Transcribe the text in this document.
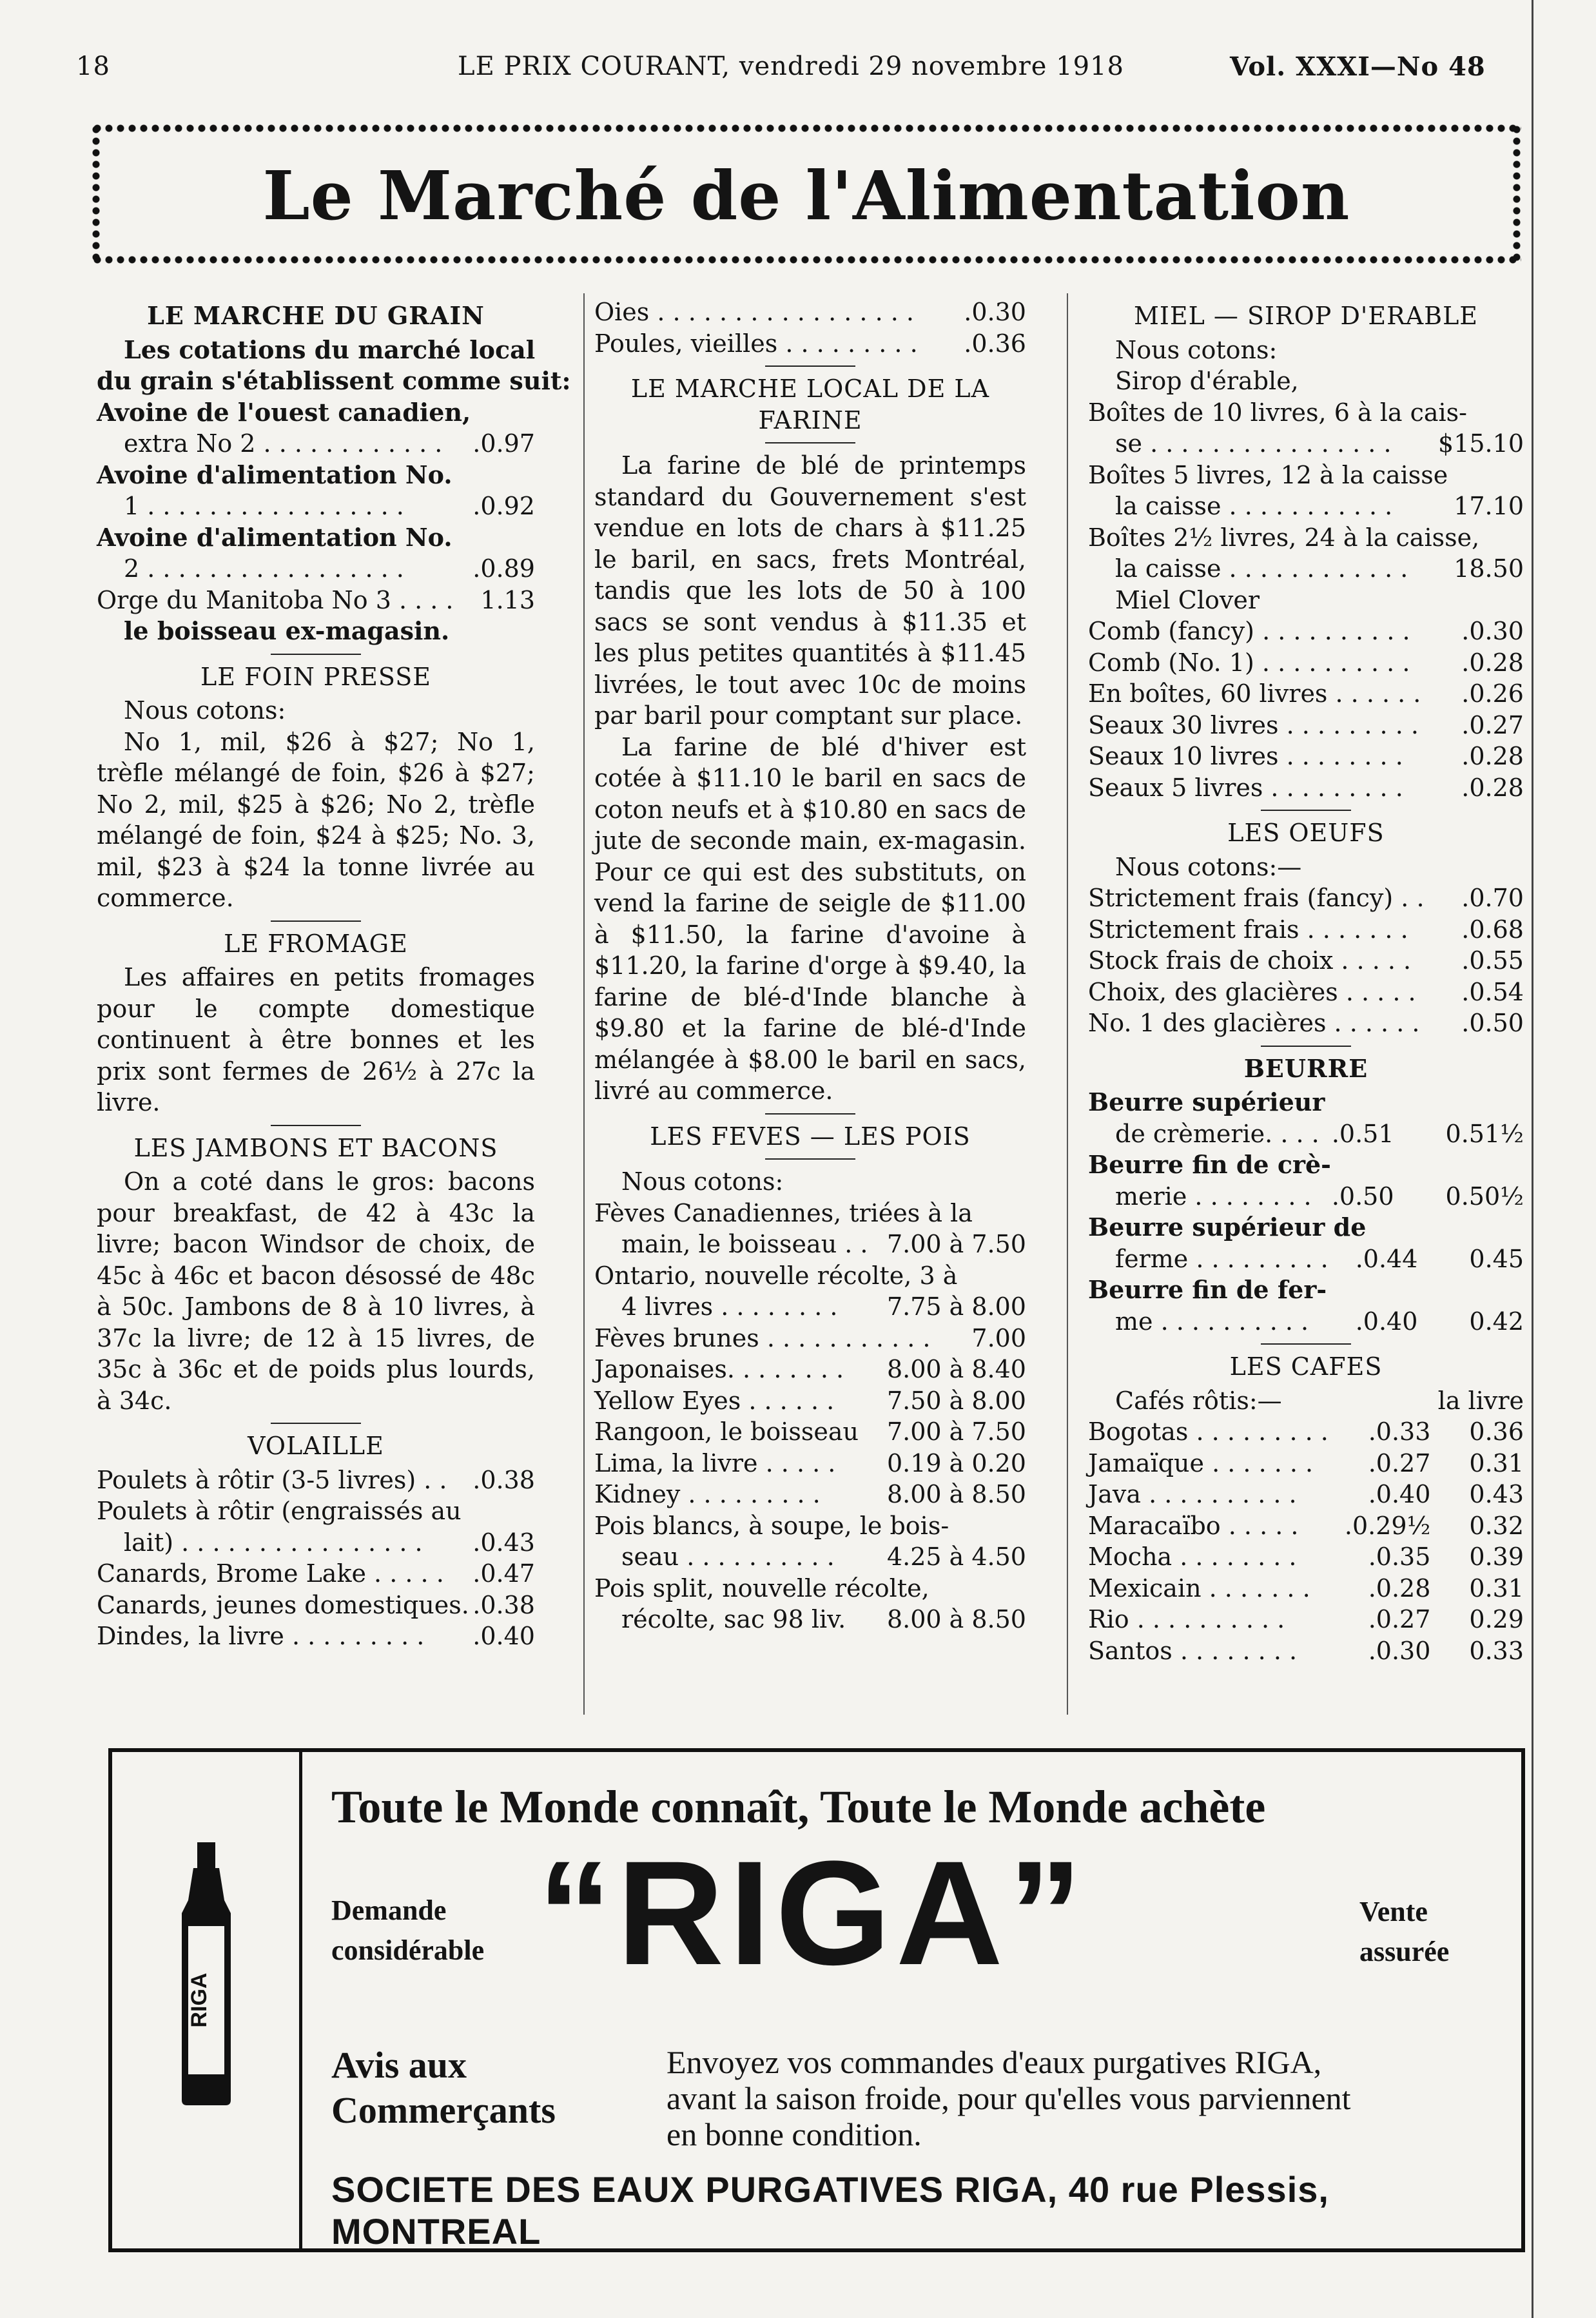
18	LE PRIX COURANT, vendredi 29 novembre 1918	Vol. XXXI—No 48
Le Marché de l'Alimentation
LE MARCHE DU GRAIN
Les cotations du marché local
du grain s'établissent comme suit:
Avoine de l'ouest canadien,
extra No 2 . . . . . . . . . . . . .0.97
Avoine d'alimentation No.
1 . . . . . . . . . . . . . . . . .	.0.92
Avoine d'alimentation No.
2 . . . . . . . . . . . . . . . . .	.0.89
Orge du Manitoba No 3 . . . . 1.13
le boisseau ex-magasin.
LE FOIN PRESSE
Nous cotons:
No 1, mil, $26 à $27; No 1, trèfle mélangé de foin, $26 à $27; No 2, mil, $25 à $26; No 2, trèfle mélangé de foin, $24 à $25; No. 3, mil, $23 à $24 la tonne livrée au commerce.
LE FROMAGE
Les affaires en petits fromages pour le compte domestique continuent à être bonnes et les prix sont fermes de 26½ à 27c la livre.
LES JAMBONS ET BACONS
On a coté dans le gros: bacons pour breakfast, de 42 à 43c la livre; bacon Windsor de choix, de 45c à 46c et bacon désossé de 48c à 50c. Jambons de 8 à 10 livres, à 37c la livre; de 12 à 15 livres, de 35c à 36c et de poids plus lourds, à 34c.
VOLAILLE
Poulets à rôtir (3-5 livres) . . .0.38
Poulets à rôtir (engraissés au
lait) . . . . . . . . . . . . . . . . .0.43
Canards, Brome Lake . . . . . .0.47
Canards, jeunes domestiques. .0.38
Dindes, la livre . . . . . . . . . .0.40
Oies . . . . . . . . . . . . . . . . . .0.30
Poules, vieilles . . . . . . . . . .0.36
LE MARCHE LOCAL DE LA
FARINE
La farine de blé de printemps standard du Gouvernement s'est vendue en lots de chars à $11.25 le baril, en sacs, frets Montréal, tandis que les lots de 50 à 100 sacs se sont vendus à $11.35 et les plus petites quantités à $11.45 livrées, le tout avec 10c de moins par baril pour comptant sur place.
La farine de blé d'hiver est cotée à $11.10 le baril en sacs de coton neufs et à $10.80 en sacs de jute de seconde main, ex-magasin. Pour ce qui est des substituts, on vend la farine de seigle de $11.00 à $11.50, la farine d'avoine à $11.20, la farine d'orge à $9.40, la farine de blé-d'Inde blanche à $9.80 et la farine de blé-d'Inde mélangée à $8.00 le baril en sacs, livré au commerce.
LES FEVES — LES POIS
Nous cotons:
Fèves Canadiennes, triées à la
main, le boisseau . . 7.00 à 7.50
Ontario, nouvelle récolte, 3 à
4 livres . . . . . . . . 7.75 à 8.00
Fèves brunes . . . . . . . . . . . 7.00
Japonaises. . . . . . . . 8.00 à 8.40
Yellow Eyes . . . . . . 7.50 à 8.00
Rangoon, le boisseau 7.00 à 7.50
Lima, la livre . . . . . 0.19 à 0.20
Kidney . . . . . . . . .	8.00 à 8.50
Pois blancs, à soupe, le bois-
seau . . . . . . . . . . 4.25 à 4.50
Pois split, nouvelle récolte,
récolte, sac 98 liv. 8.00 à 8.50
MIEL — SIROP D'ERABLE
Nous cotons:
Sirop d'érable,
Boîtes de 10 livres, 6 à la cais-
se . . . . . . . . . . . . . . . . $15.10
Boîtes 5 livres, 12 à la caisse
la caisse . . . . . . . . . . . 17.10
Boîtes 2½ livres, 24 à la caisse,
la caisse . . . . . . . . . . . . 18.50
Miel Clover
Comb (fancy) . . . . . . . . . . .0.30
Comb (No. 1) . . . . . . . . . . .0.28
En boîtes, 60 livres . . . . . . .0.26
Seaux 30 livres . . . . . . . . . .0.27
Seaux 10 livres . . . . . . . . .0.28
Seaux 5 livres . . . . . . . . . .0.28
LES OEUFS
Nous cotons:—
Strictement frais (fancy) . . .0.70
Strictement frais . . . . . . . .0.68
Stock frais de choix . . . . . .0.55
Choix, des glacières . . . . . .0.54
No. 1 des glacières . . . . . . .0.50
BEURRE
Beurre supérieur
de crèmerie. . . . .0.51 0.51½
Beurre fin de crè-
merie . . . . . . . . .0.50 0.50½
Beurre supérieur de
ferme . . . . . . . . . .0.44 0.45
Beurre fin de fer-
me . . . . . . . . . . .0.40 0.42
LES CAFES
Cafés rôtis:—	la livre
Bogotas . . . . . . . . . .0.33 0.36
Jamaïque . . . . . . . .0.27 0.31
Java . . . . . . . . . .	.0.40 0.43
Maracaïbo . . . . . .0.29½ 0.32
Mocha . . . . . . . .	.0.35 0.39
Mexicain . . . . . . . .0.28 0.31
Rio . . . . . . . . . .	.0.27 0.29
Santos . . . . . . . .	.0.30 0.33
RIGA
Toute le Monde connaît, Toute le Monde achète
Demande
considérable “RIGA”	Vente
assurée
Avis aux
Commerçants
Envoyez vos commandes d'eaux purgatives RIGA,
avant la saison froide, pour qu'elles vous parviennent
en bonne condition.
SOCIETE DES EAUX PURGATIVES RIGA, 40 rue Plessis, MONTREAL
